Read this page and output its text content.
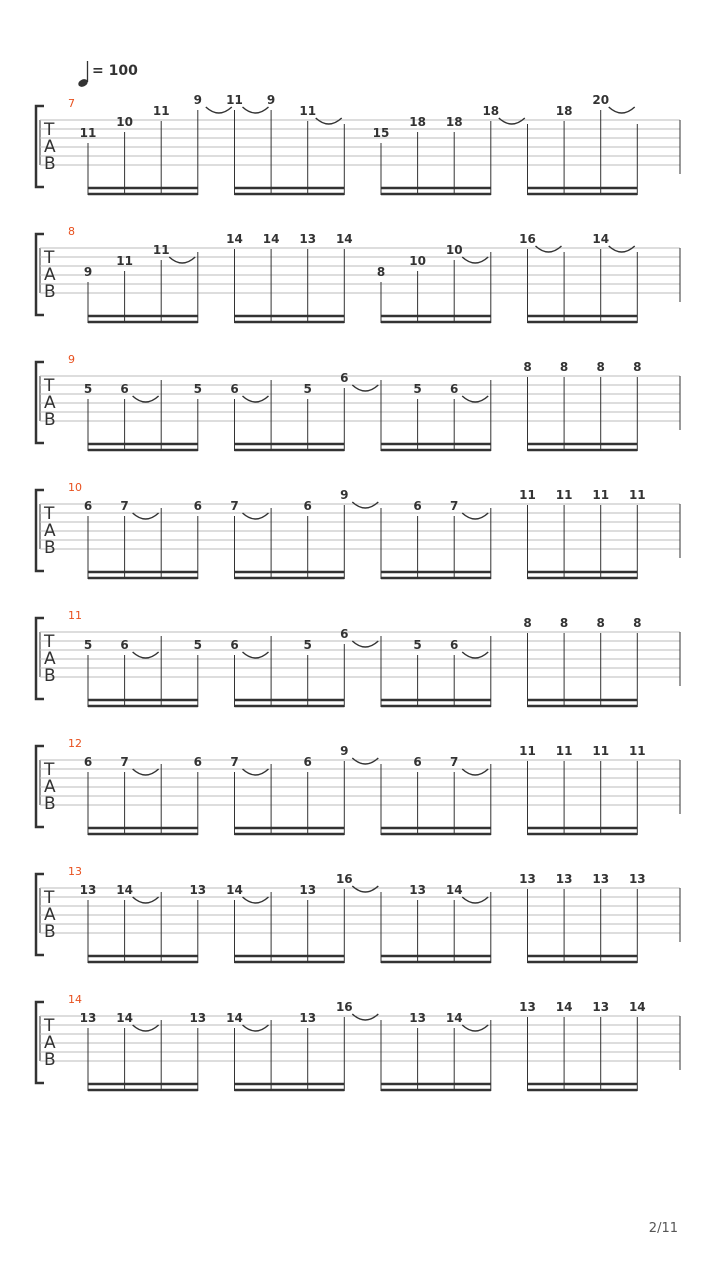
= 100
7
T
A
B
11
10
11
9 11 9
11
15
18 18
18	18
20
8
T
A
B
9
11
11
14 14 13 14
8
10
10
16	14
9
T
A
B
5 6	5 6	5
6
5 6
8 8 8 8
10
T
A
B
6 7	6 7	6
9
6 7
11 11 11 11
11
T
A
B
5 6	5 6	5
6
5 6
8 8 8 8
12
T
A
B
6 7	6 7	6
9
6 7
11 11 11 11
13
T
A
B
13 14	13 14	13
16
13 14
13 13 13 13
14
T
A
B
13 14	13 14	13
16
13 14
13 14 13 14
2/11
